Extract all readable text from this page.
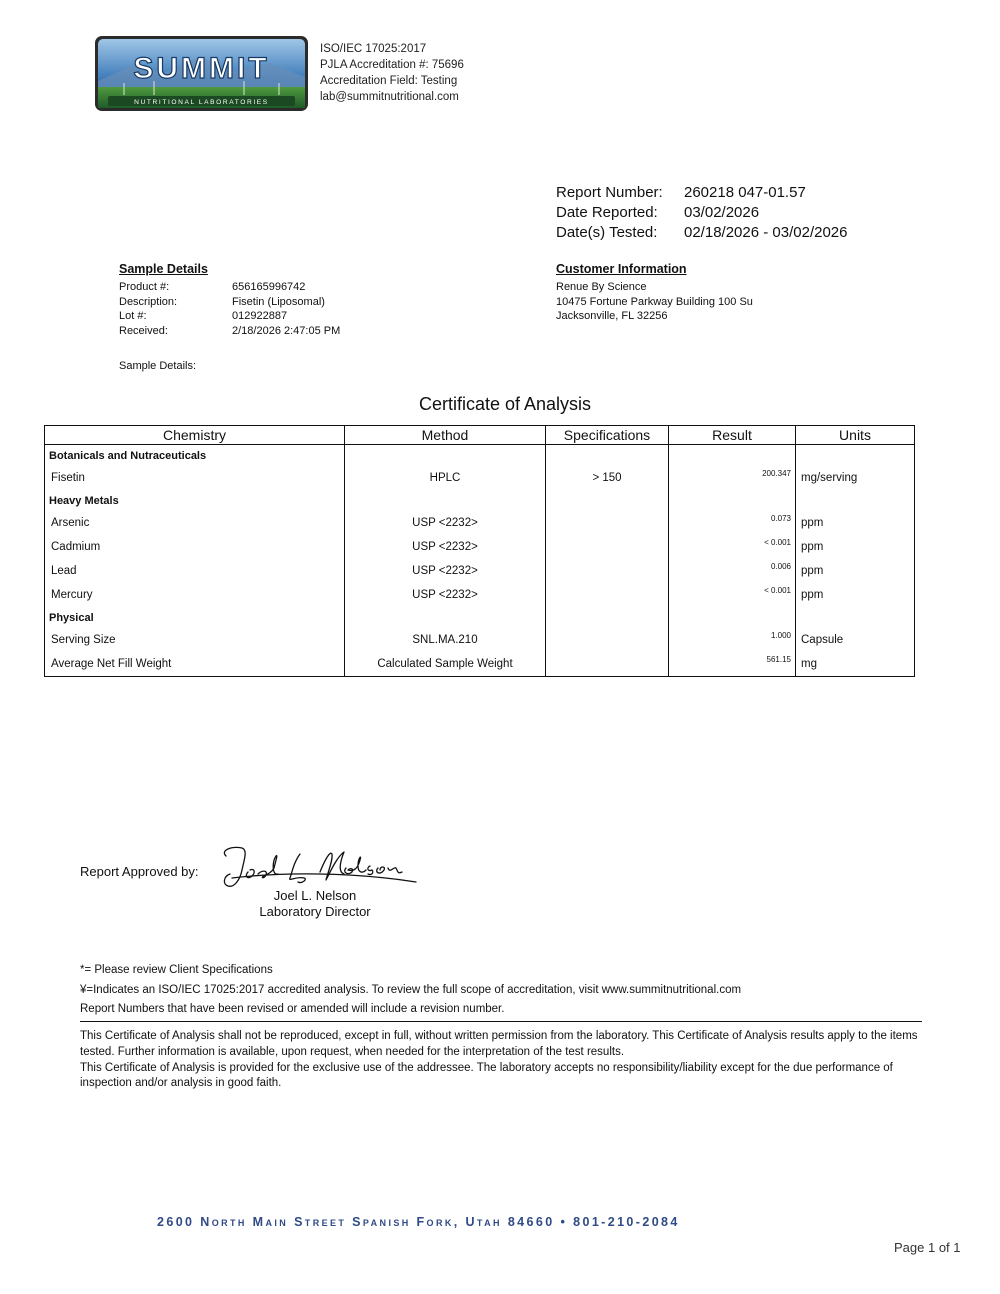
SUMMIT
NUTRITIONAL LABORATORIES
ISO/IEC 17025:2017
PJLA Accreditation #: 75696
Accreditation Field: Testing
lab@summitnutritional.com
Report Number:	260218 047-01.57
Date Reported:	03/02/2026
Date(s) Tested:	02/18/2026 - 03/02/2026
Sample Details
Product #:	656165996742
Description:	Fisetin (Liposomal)
Lot #:	012922887
Received:	2/18/2026 2:47:05 PM
Customer Information
Renue By Science
10475 Fortune Parkway Building 100 Su
Jacksonville, FL 32256
Sample Details:
Certificate of Analysis
Chemistry	Method	Specifications	Result	Units
Botanicals and Nutraceuticals				
Fisetin	HPLC	> 150	200.347	mg/serving
Heavy Metals				
Arsenic	USP <2232>		0.073	ppm
Cadmium	USP <2232>		< 0.001	ppm
Lead	USP <2232>		0.006	ppm
Mercury	USP <2232>		< 0.001	ppm
Physical				
Serving Size	SNL.MA.210		1.000	Capsule
Average Net Fill Weight	Calculated Sample Weight		561.15	mg
Report Approved by:
Joel L. Nelson
Laboratory Director
*= Please review Client Specifications
¥=Indicates an ISO/IEC 17025:2017 accredited analysis. To review the full scope of accreditation, visit www.summitnutritional.com
Report Numbers that have been revised or amended will include a revision number.
This Certificate of Analysis shall not be reproduced, except in full, without written permission from the laboratory. This Certificate of Analysis results apply to the items tested. Further information is available, upon request, when needed for the interpretation of the test results.
This Certificate of Analysis is provided for the exclusive use of the addressee. The laboratory accepts no responsibility/liability except for the due performance of inspection and/or analysis in good faith.
2600 North Main Street Spanish Fork, Utah 84660 • 801-210-2084
Page 1 of 1
